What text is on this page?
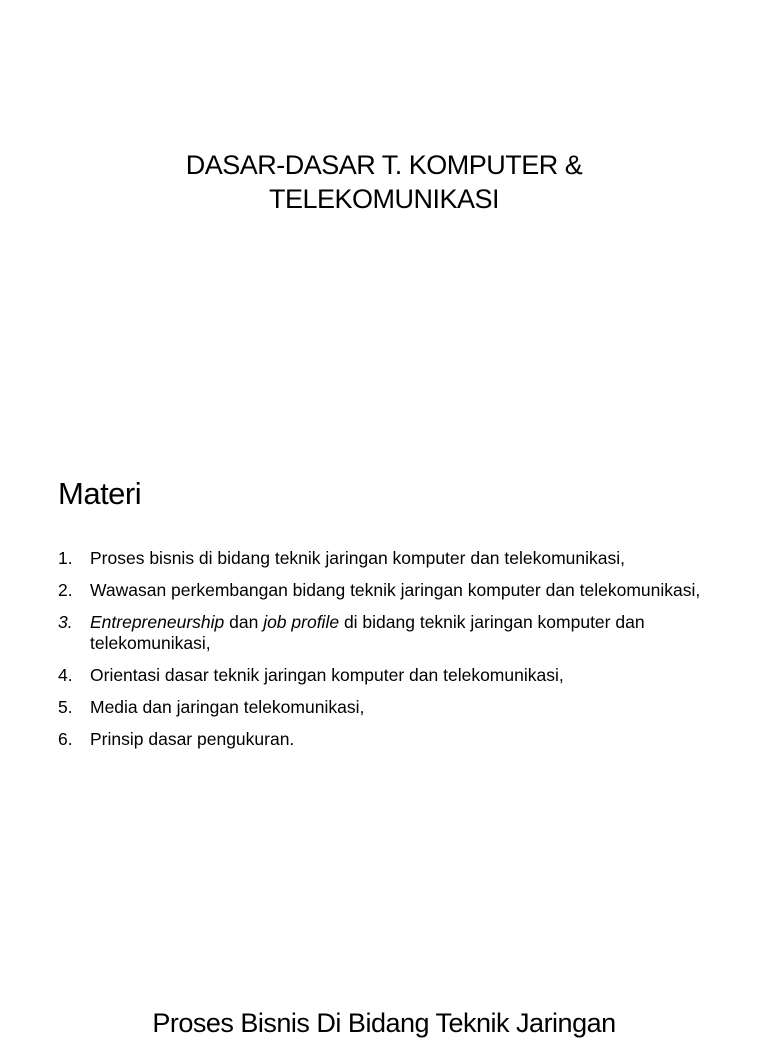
DASAR-DASAR T. KOMPUTER &
TELEKOMUNIKASI
Materi
1. Proses bisnis di bidang teknik jaringan komputer dan telekomunikasi,
2. Wawasan perkembangan bidang teknik jaringan komputer dan telekomunikasi,
3. Entrepreneurship dan job profile di bidang teknik jaringan komputer dan telekomunikasi,
4. Orientasi dasar teknik jaringan komputer dan telekomunikasi,
5. Media dan jaringan telekomunikasi,
6. Prinsip dasar pengukuran.
Proses Bisnis Di Bidang Teknik Jaringan
